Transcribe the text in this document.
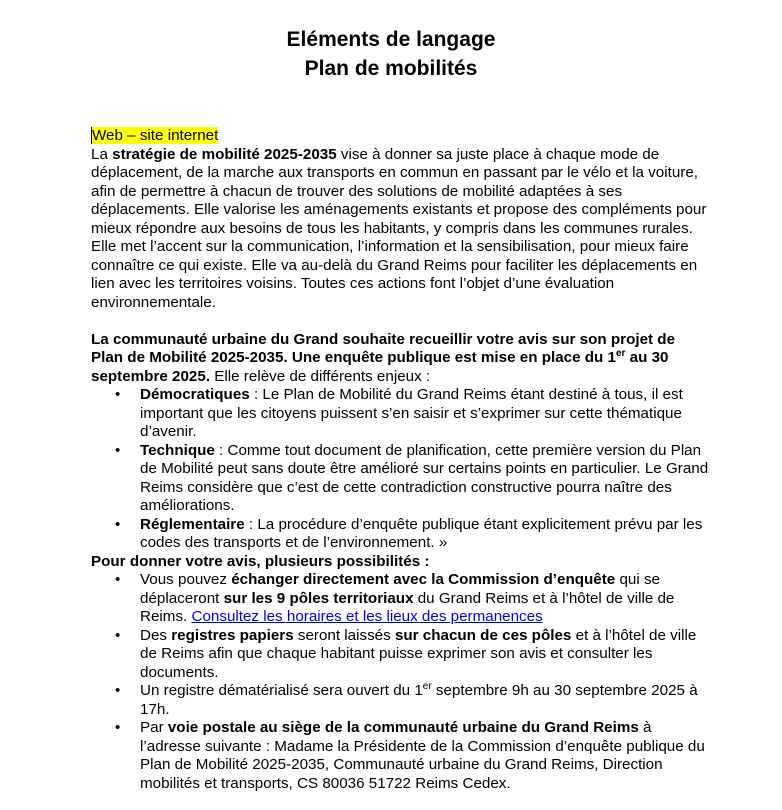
Eléments de langage
Plan de mobilités

Web – site internet

La stratégie de mobilité 2025-2035 vise à donner sa juste place à chaque mode de déplacement, de la marche aux transports en commun en passant par le vélo et la voiture, afin de permettre à chacun de trouver des solutions de mobilité adaptées à ses déplacements. Elle valorise les aménagements existants et propose des compléments pour mieux répondre aux besoins de tous les habitants, y compris dans les communes rurales. Elle met l’accent sur la communication, l’information et la sensibilisation, pour mieux faire connaître ce qui existe. Elle va au-delà du Grand Reims pour faciliter les déplacements en lien avec les territoires voisins. Toutes ces actions font l’objet d’une évaluation environnementale.

La communauté urbaine du Grand souhaite recueillir votre avis sur son projet de Plan de Mobilité 2025-2035. Une enquête publique est mise en place du 1er au 30 septembre 2025. Elle relève de différents enjeux :

• Démocratiques : Le Plan de Mobilité du Grand Reims étant destiné à tous, il est important que les citoyens puissent s’en saisir et s’exprimer sur cette thématique d’avenir.
• Technique : Comme tout document de planification, cette première version du Plan de Mobilité peut sans doute être amélioré sur certains points en particulier. Le Grand Reims considère que c’est de cette contradiction constructive pourra naître des améliorations.
• Réglementaire : La procédure d’enquête publique étant explicitement prévu par les codes des transports et de l’environnement. »

Pour donner votre avis, plusieurs possibilités :

• Vous pouvez échanger directement avec la Commission d’enquête qui se déplaceront sur les 9 pôles territoriaux du Grand Reims et à l’hôtel de ville de Reims. Consultez les horaires et les lieux des permanences
• Des registres papiers seront laissés sur chacun de ces pôles et à l’hôtel de ville de Reims afin que chaque habitant puisse exprimer son avis et consulter les documents.
• Un registre dématérialisé sera ouvert du 1er septembre 9h au 30 septembre 2025 à 17h.
• Par voie postale au siège de la communauté urbaine du Grand Reims à l’adresse suivante : Madame la Présidente de la Commission d’enquête publique du Plan de Mobilité 2025-2035, Communauté urbaine du Grand Reims, Direction mobilités et transports, CS 80036 51722 Reims Cedex.
